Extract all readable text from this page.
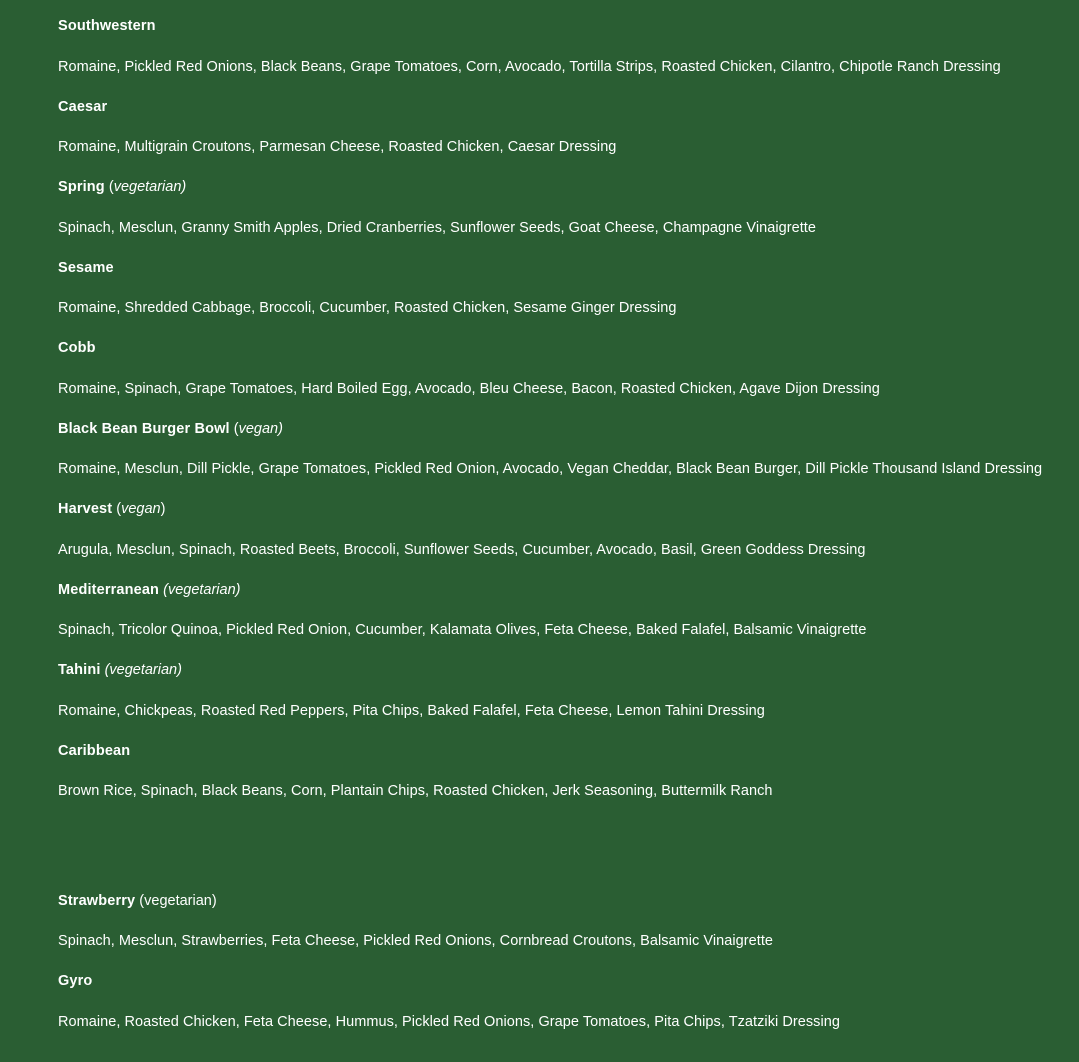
Southwestern
Romaine, Pickled Red Onions, Black Beans, Grape Tomatoes, Corn, Avocado, Tortilla Strips, Roasted Chicken, Cilantro, Chipotle Ranch Dressing
Caesar
Romaine, Multigrain Croutons, Parmesan Cheese, Roasted Chicken, Caesar Dressing
Spring (vegetarian)
Spinach, Mesclun, Granny Smith Apples, Dried Cranberries, Sunflower Seeds, Goat Cheese, Champagne Vinaigrette
Sesame
Romaine, Shredded Cabbage, Broccoli, Cucumber, Roasted Chicken, Sesame Ginger Dressing
Cobb
Romaine, Spinach, Grape Tomatoes, Hard Boiled Egg, Avocado, Bleu Cheese, Bacon, Roasted Chicken, Agave Dijon Dressing
Black Bean Burger Bowl (vegan)
Romaine, Mesclun, Dill Pickle, Grape Tomatoes, Pickled Red Onion, Avocado, Vegan Cheddar, Black Bean Burger, Dill Pickle Thousand Island Dressing
Harvest (vegan)
Arugula, Mesclun, Spinach, Roasted Beets, Broccoli, Sunflower Seeds, Cucumber, Avocado, Basil, Green Goddess Dressing
Mediterranean (vegetarian)
Spinach, Tricolor Quinoa, Pickled Red Onion, Cucumber, Kalamata Olives, Feta Cheese, Baked Falafel, Balsamic Vinaigrette
Tahini (vegetarian)
Romaine, Chickpeas, Roasted Red Peppers, Pita Chips, Baked Falafel, Feta Cheese, Lemon Tahini Dressing
Caribbean
Brown Rice, Spinach, Black Beans, Corn, Plantain Chips, Roasted Chicken, Jerk Seasoning, Buttermilk Ranch
Strawberry (vegetarian)
Spinach, Mesclun, Strawberries, Feta Cheese, Pickled Red Onions, Cornbread Croutons, Balsamic Vinaigrette
Gyro
Romaine, Roasted Chicken, Feta Cheese, Hummus, Pickled Red Onions, Grape Tomatoes, Pita Chips, Tzatziki Dressing
